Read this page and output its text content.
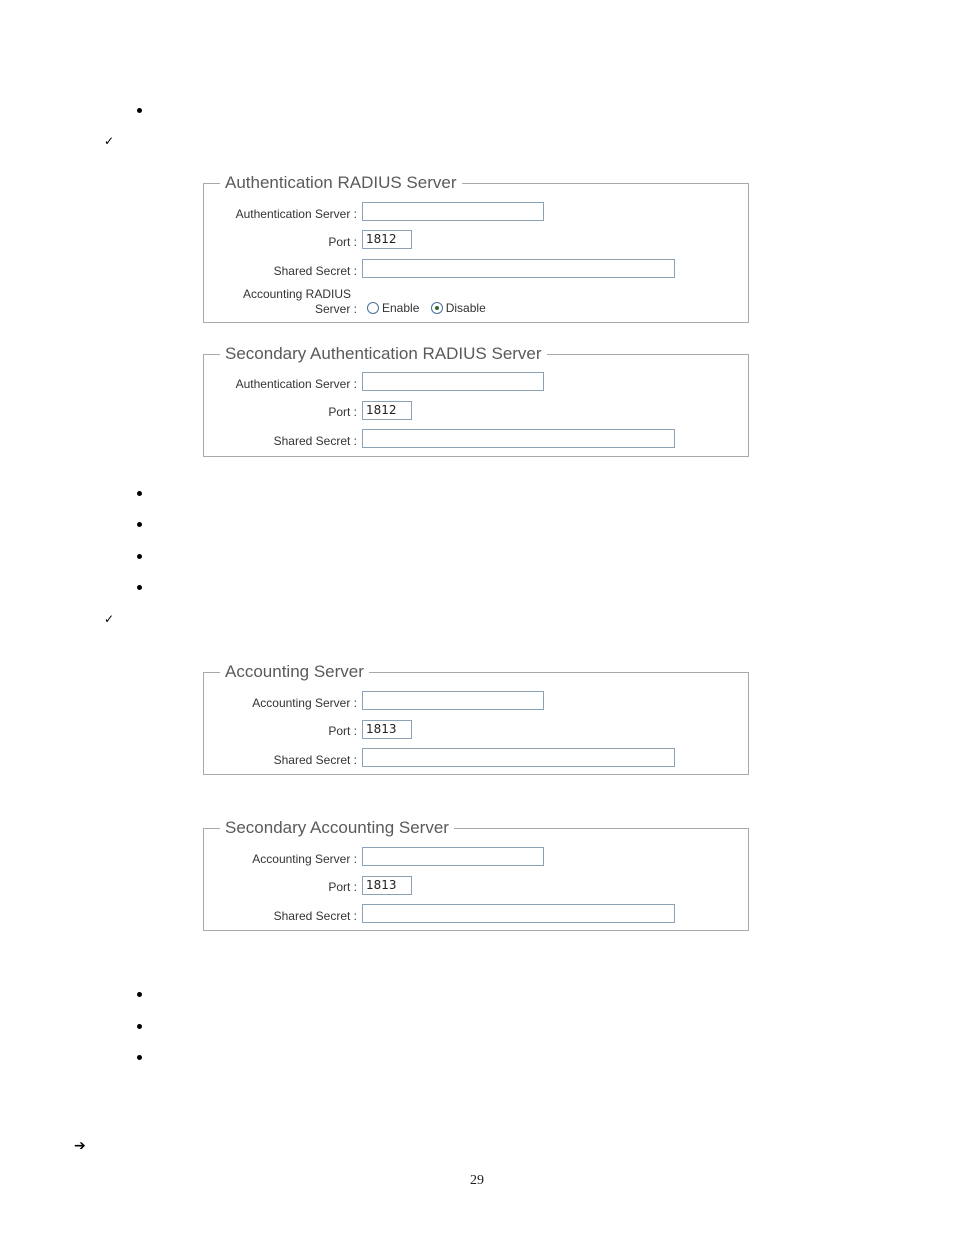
✓
Authentication RADIUS Server
Authentication Server :
Port : 1812
Shared Secret :
Accounting RADIUS
Server :	Enable Disable
Secondary Authentication RADIUS Server
Authentication Server :
Port : 1812
Shared Secret :
✓
Accounting Server
Accounting Server :
Port : 1813
Shared Secret :
Secondary Accounting Server
Accounting Server :
Port : 1813
Shared Secret :
➔
29
